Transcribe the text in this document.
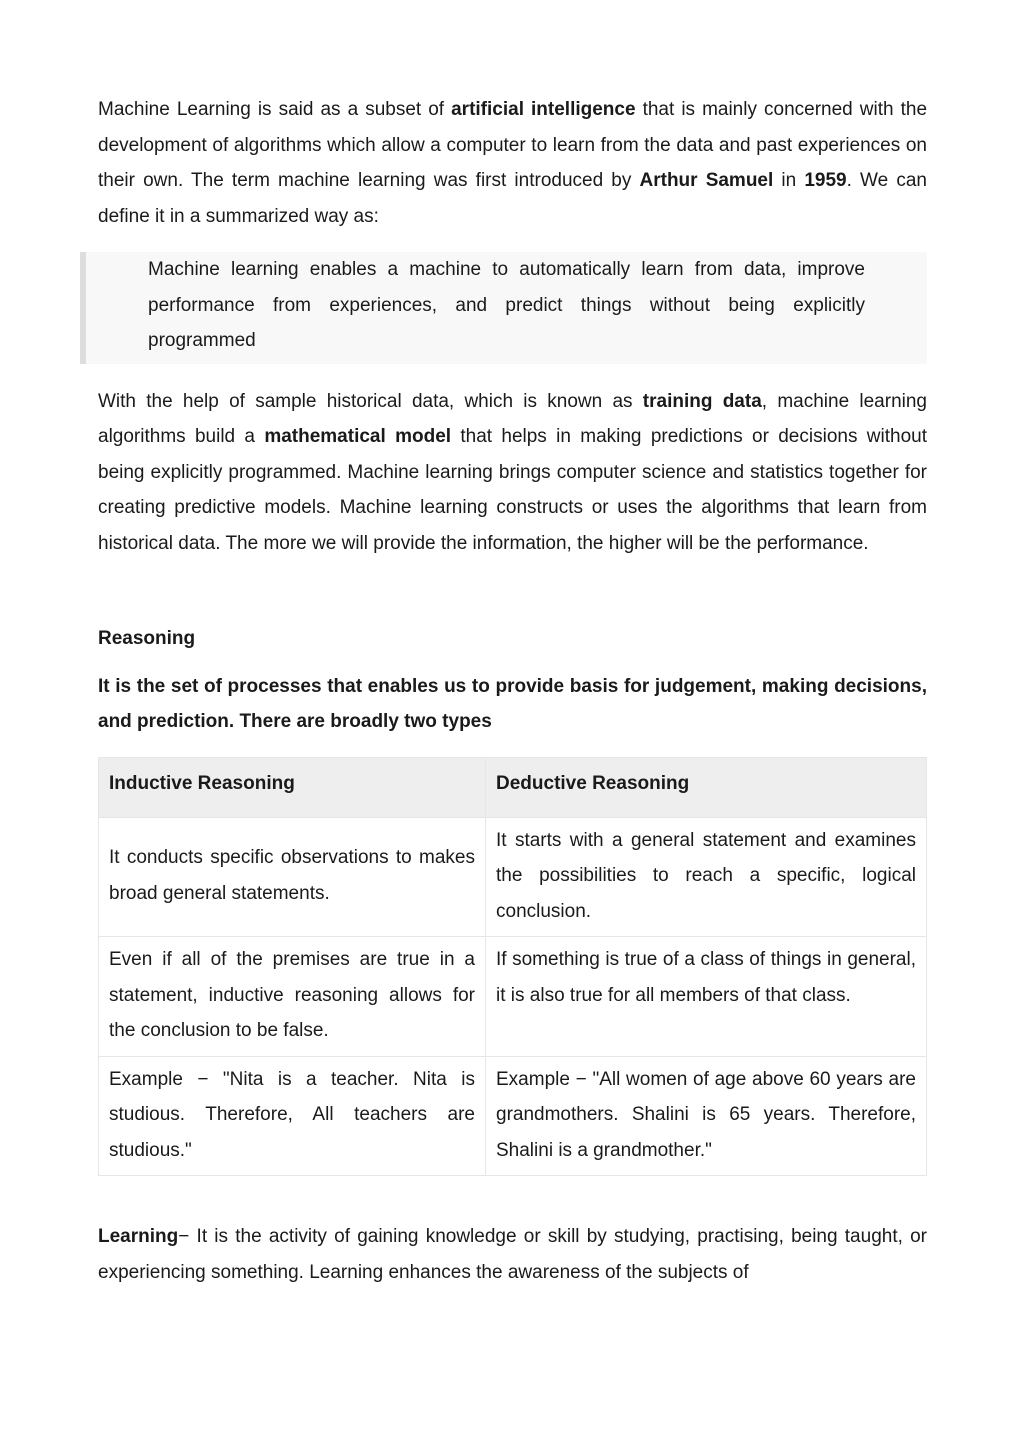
Machine Learning is said as a subset of artificial intelligence that is mainly concerned with the development of algorithms which allow a computer to learn from the data and past experiences on their own. The term machine learning was first introduced by Arthur Samuel in 1959. We can define it in a summarized way as:

Machine learning enables a machine to automatically learn from data, improve performance from experiences, and predict things without being explicitly programmed

With the help of sample historical data, which is known as training data, machine learning algorithms build a mathematical model that helps in making predictions or decisions without being explicitly programmed. Machine learning brings computer science and statistics together for creating predictive models. Machine learning constructs or uses the algorithms that learn from historical data. The more we will provide the information, the higher will be the performance.

Reasoning

It is the set of processes that enables us to provide basis for judgement, making decisions, and prediction. There are broadly two types

Inductive Reasoning	Deductive Reasoning
It conducts specific observations to makes broad general statements.	It starts with a general statement and examines the possibilities to reach a specific, logical conclusion.
Even if all of the premises are true in a statement, inductive reasoning allows for the conclusion to be false.	If something is true of a class of things in general, it is also true for all members of that class.
Example − "Nita is a teacher. Nita is studious. Therefore, All teachers are studious."	Example − "All women of age above 60 years are grandmothers. Shalini is 65 years. Therefore, Shalini is a grandmother."

Learning− It is the activity of gaining knowledge or skill by studying, practising, being taught, or experiencing something. Learning enhances the awareness of the subjects of
